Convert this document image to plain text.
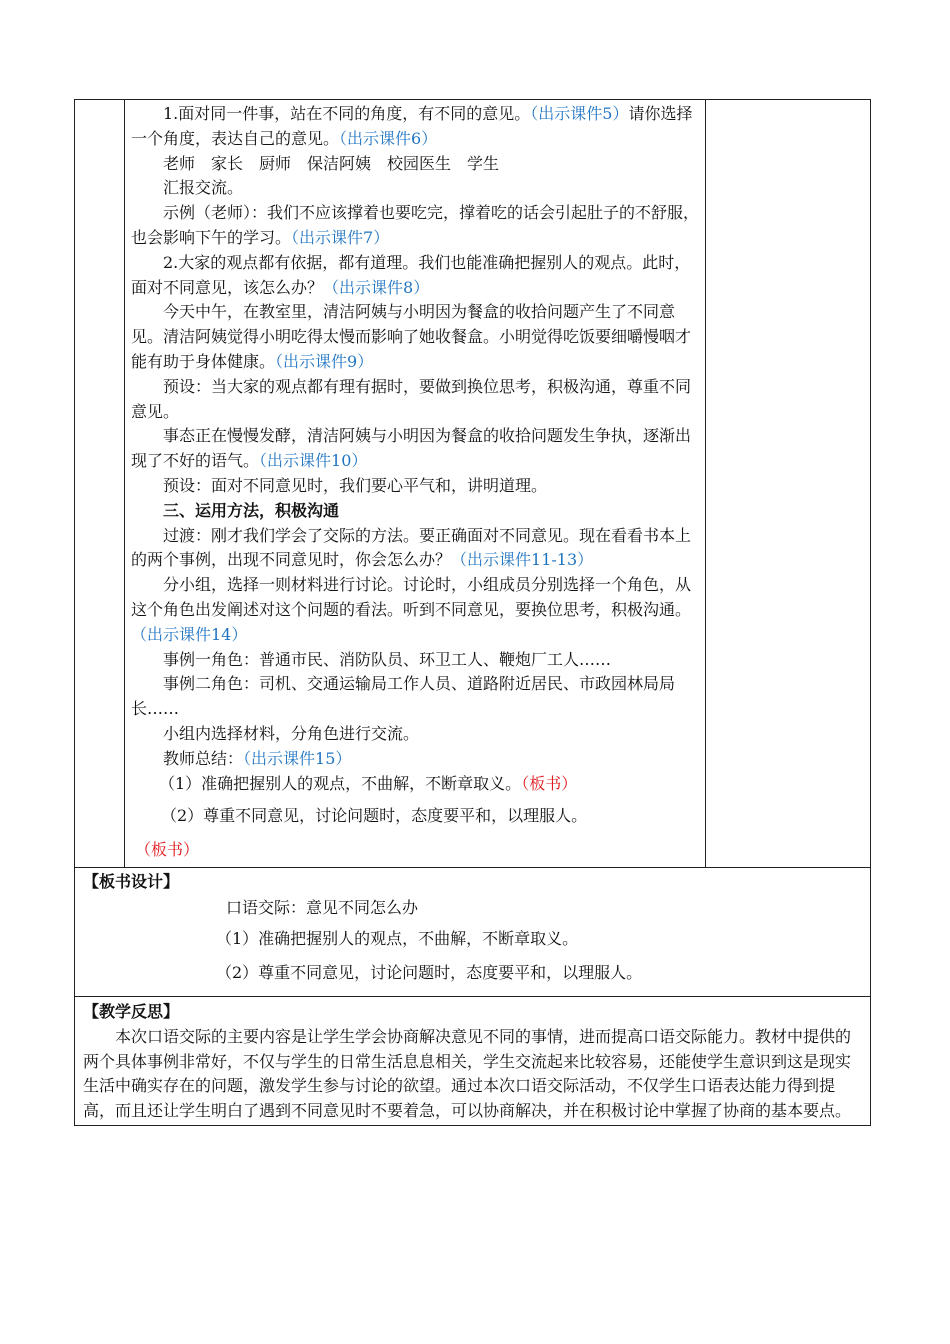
1.面对同一件事，站在不同的角度，有不同的意见。（出示课件5）请你选择一个角度，表达自己的意见。（出示课件6）

老师　家长　厨师　保洁阿姨　校园医生　学生

汇报交流。

示例（老师）：我们不应该撑着也要吃完，撑着吃的话会引起肚子的不舒服，也会影响下午的学习。（出示课件7）

2.大家的观点都有依据，都有道理。我们也能准确把握别人的观点。此时，面对不同意见，该怎么办？（出示课件8）

今天中午，在教室里，清洁阿姨与小明因为餐盒的收拾问题产生了不同意见。清洁阿姨觉得小明吃得太慢而影响了她收餐盒。小明觉得吃饭要细嚼慢咽才能有助于身体健康。（出示课件9）

预设：当大家的观点都有理有据时，要做到换位思考，积极沟通，尊重不同意见。

事态正在慢慢发酵，清洁阿姨与小明因为餐盒的收拾问题发生争执，逐渐出现了不好的语气。（出示课件10）

预设：面对不同意见时，我们要心平气和，讲明道理。

三、运用方法，积极沟通

过渡：刚才我们学会了交际的方法。要正确面对不同意见。现在看看书本上的两个事例，出现不同意见时，你会怎么办？（出示课件11-13）

分小组，选择一则材料进行讨论。讨论时，小组成员分别选择一个角色，从这个角色出发阐述对这个问题的看法。听到不同意见，要换位思考，积极沟通。（出示课件14）

事例一角色：普通市民、消防队员、环卫工人、鞭炮厂工人……

事例二角色：司机、交通运输局工作人员、道路附近居民、市政园林局局长……

小组内选择材料，分角色进行交流。

教师总结：（出示课件15）

（1）准确把握别人的观点，不曲解，不断章取义。（板书）

（2）尊重不同意见，讨论问题时，态度要平和，以理服人。

（板书）

【板书设计】
口语交际：意见不同怎么办
（1）准确把握别人的观点，不曲解，不断章取义。
（2）尊重不同意见，讨论问题时，态度要平和，以理服人。

【教学反思】

本次口语交际的主要内容是让学生学会协商解决意见不同的事情，进而提高口语交际能力。教材中提供的两个具体事例非常好，不仅与学生的日常生活息息相关，学生交流起来比较容易，还能使学生意识到这是现实生活中确实存在的问题，激发学生参与讨论的欲望。通过本次口语交际活动，不仅学生口语表达能力得到提高，而且还让学生明白了遇到不同意见时不要着急，可以协商解决，并在积极讨论中掌握了协商的基本要点。
